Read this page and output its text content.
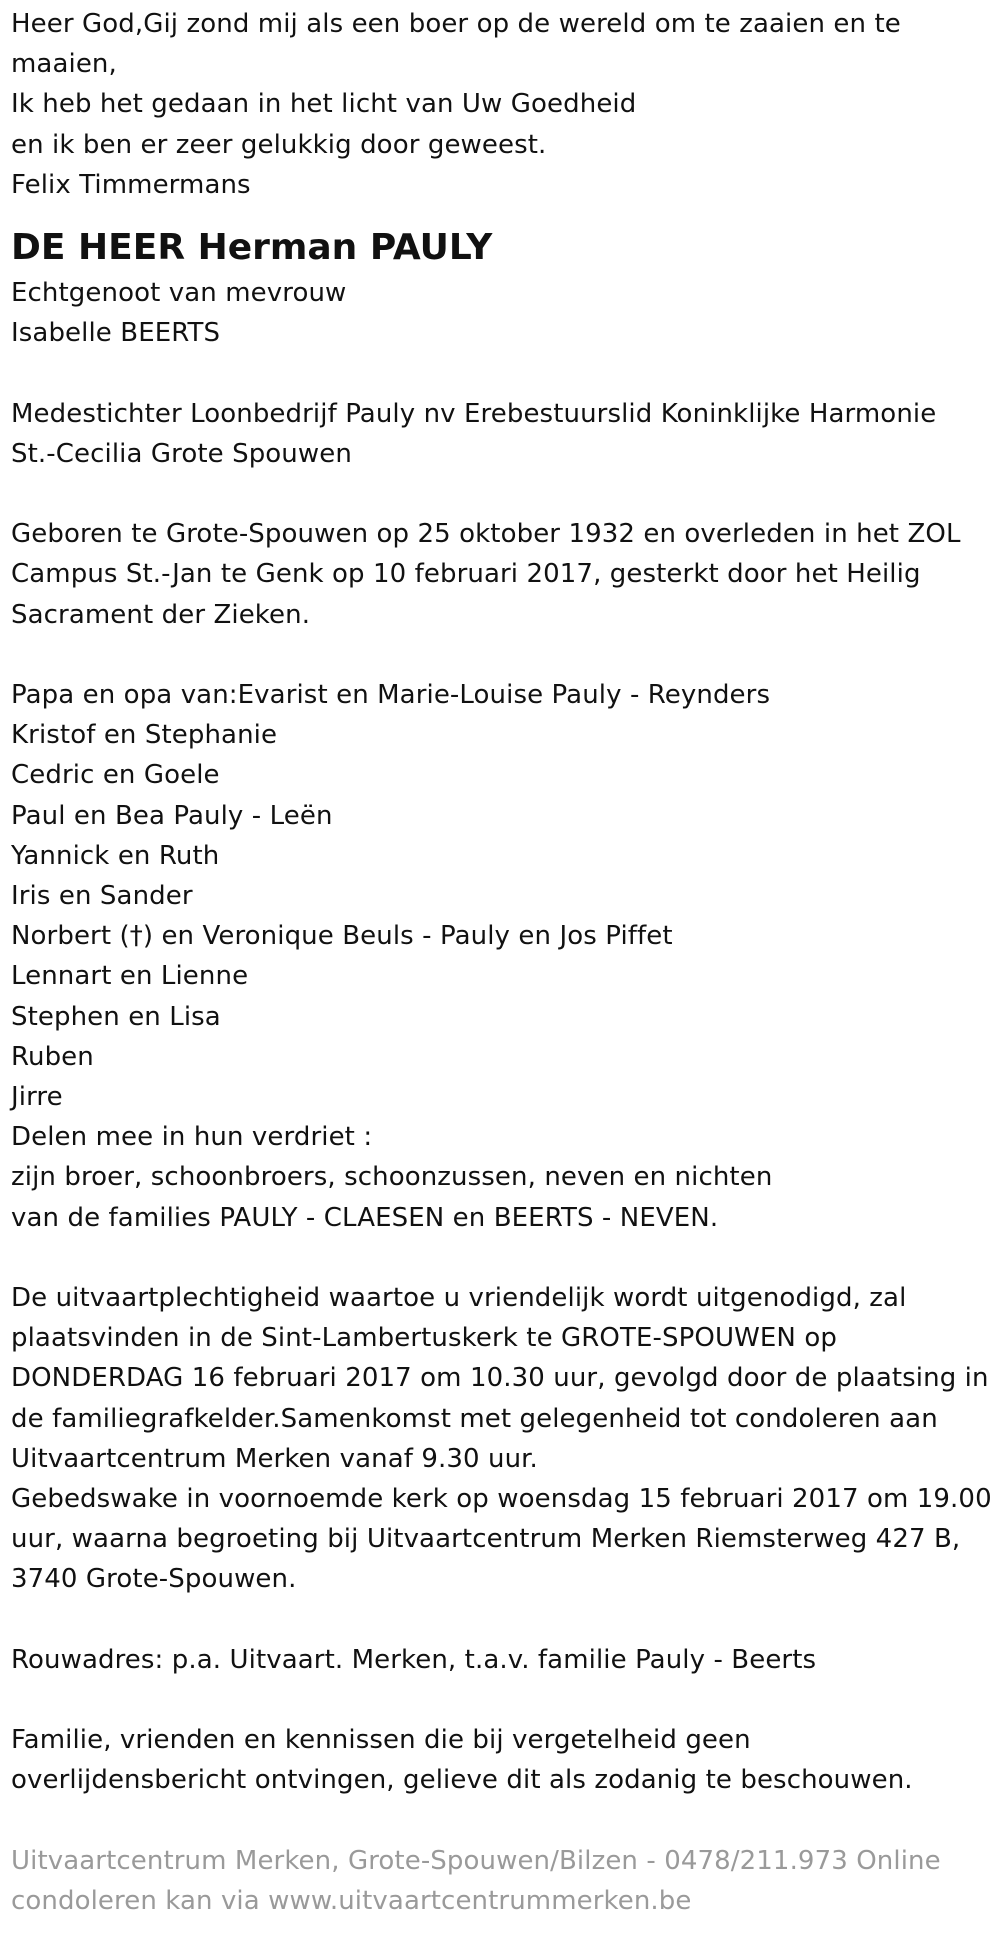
Heer God,Gij zond mij als een boer op de wereld om te zaaien en te
maaien,
Ik heb het gedaan in het licht van Uw Goedheid
en ik ben er zeer gelukkig door geweest.
Felix Timmermans
DE HEER Herman PAULY
Echtgenoot van mevrouw
Isabelle BEERTS
Medestichter Loonbedrijf Pauly nv Erebestuurslid Koninklijke Harmonie
St.-Cecilia Grote Spouwen
Geboren te Grote-Spouwen op 25 oktober 1932 en overleden in het ZOL
Campus St.-Jan te Genk op 10 februari 2017, gesterkt door het Heilig
Sacrament der Zieken.
Papa en opa van:Evarist en Marie-Louise Pauly - Reynders
Kristof en Stephanie
Cedric en Goele
Paul en Bea Pauly - Leën
Yannick en Ruth
Iris en Sander
Norbert (†) en Veronique Beuls - Pauly en Jos Piffet
Lennart en Lienne
Stephen en Lisa
Ruben
Jirre
Delen mee in hun verdriet :
zijn broer, schoonbroers, schoonzussen, neven en nichten
van de families PAULY - CLAESEN en BEERTS - NEVEN.
De uitvaartplechtigheid waartoe u vriendelijk wordt uitgenodigd, zal
plaatsvinden in de Sint-Lambertuskerk te GROTE-SPOUWEN op
DONDERDAG 16 februari 2017 om 10.30 uur, gevolgd door de plaatsing in
de familiegrafkelder.Samenkomst met gelegenheid tot condoleren aan
Uitvaartcentrum Merken vanaf 9.30 uur.
Gebedswake in voornoemde kerk op woensdag 15 februari 2017 om 19.00
uur, waarna begroeting bij Uitvaartcentrum Merken Riemsterweg 427 B,
3740 Grote-Spouwen.
Rouwadres: p.a. Uitvaart. Merken, t.a.v. familie Pauly - Beerts
Familie, vrienden en kennissen die bij vergetelheid geen
overlijdensbericht ontvingen, gelieve dit als zodanig te beschouwen.
Uitvaartcentrum Merken, Grote-Spouwen/Bilzen - 0478/211.973 Online
condoleren kan via www.uitvaartcentrummerken.be
